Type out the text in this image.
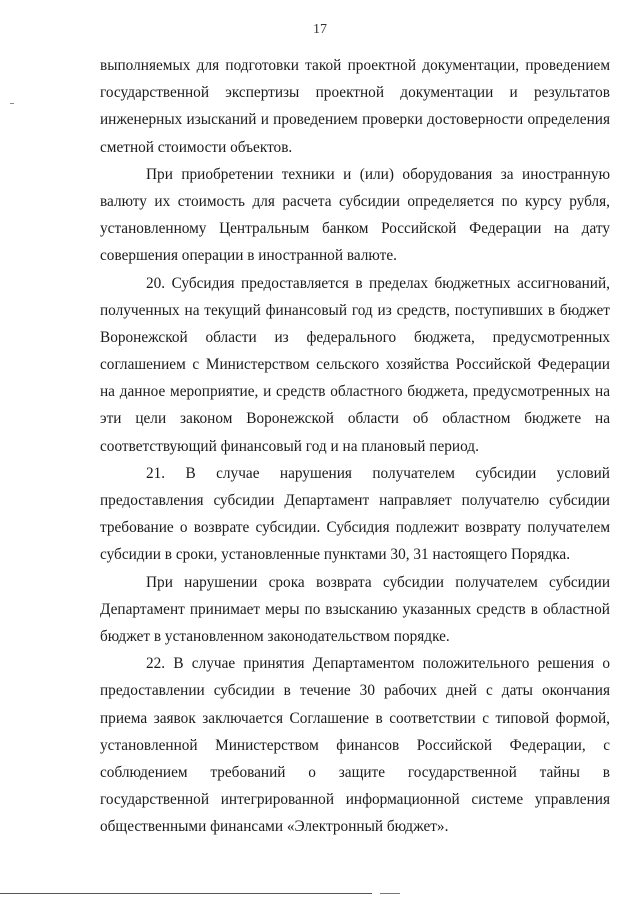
17
выполняемых для подготовки такой проектной документации, проведением
государственной экспертизы проектной документации и результатов
инженерных изысканий и проведением проверки достоверности определения
сметной стоимости объектов.
При приобретении техники и (или) оборудования за иностранную
валюту их стоимость для расчета субсидии определяется по курсу рубля,
установленному Центральным банком Российской Федерации на дату
совершения операции в иностранной валюте.
20. Субсидия предоставляется в пределах бюджетных ассигнований,
полученных на текущий финансовый год из средств, поступивших в бюджет
Воронежской области из федерального бюджета, предусмотренных
соглашением с Министерством сельского хозяйства Российской Федерации
на данное мероприятие, и средств областного бюджета, предусмотренных на
эти цели законом Воронежской области об областном бюджете на
соответствующий финансовый год и на плановый период.
21. В случае нарушения получателем субсидии условий
предоставления субсидии Департамент направляет получателю субсидии
требование о возврате субсидии. Субсидия подлежит возврату получателем
субсидии в сроки, установленные пунктами 30, 31 настоящего Порядка.
При нарушении срока возврата субсидии получателем субсидии
Департамент принимает меры по взысканию указанных средств в областной
бюджет в установленном законодательством порядке.
22. В случае принятия Департаментом положительного решения о
предоставлении субсидии в течение 30 рабочих дней с даты окончания
приема заявок заключается Соглашение в соответствии с типовой формой,
установленной Министерством финансов Российской Федерации, с
соблюдением требований о защите государственной тайны в
государственной интегрированной информационной системе управления
общественными финансами «Электронный бюджет».
